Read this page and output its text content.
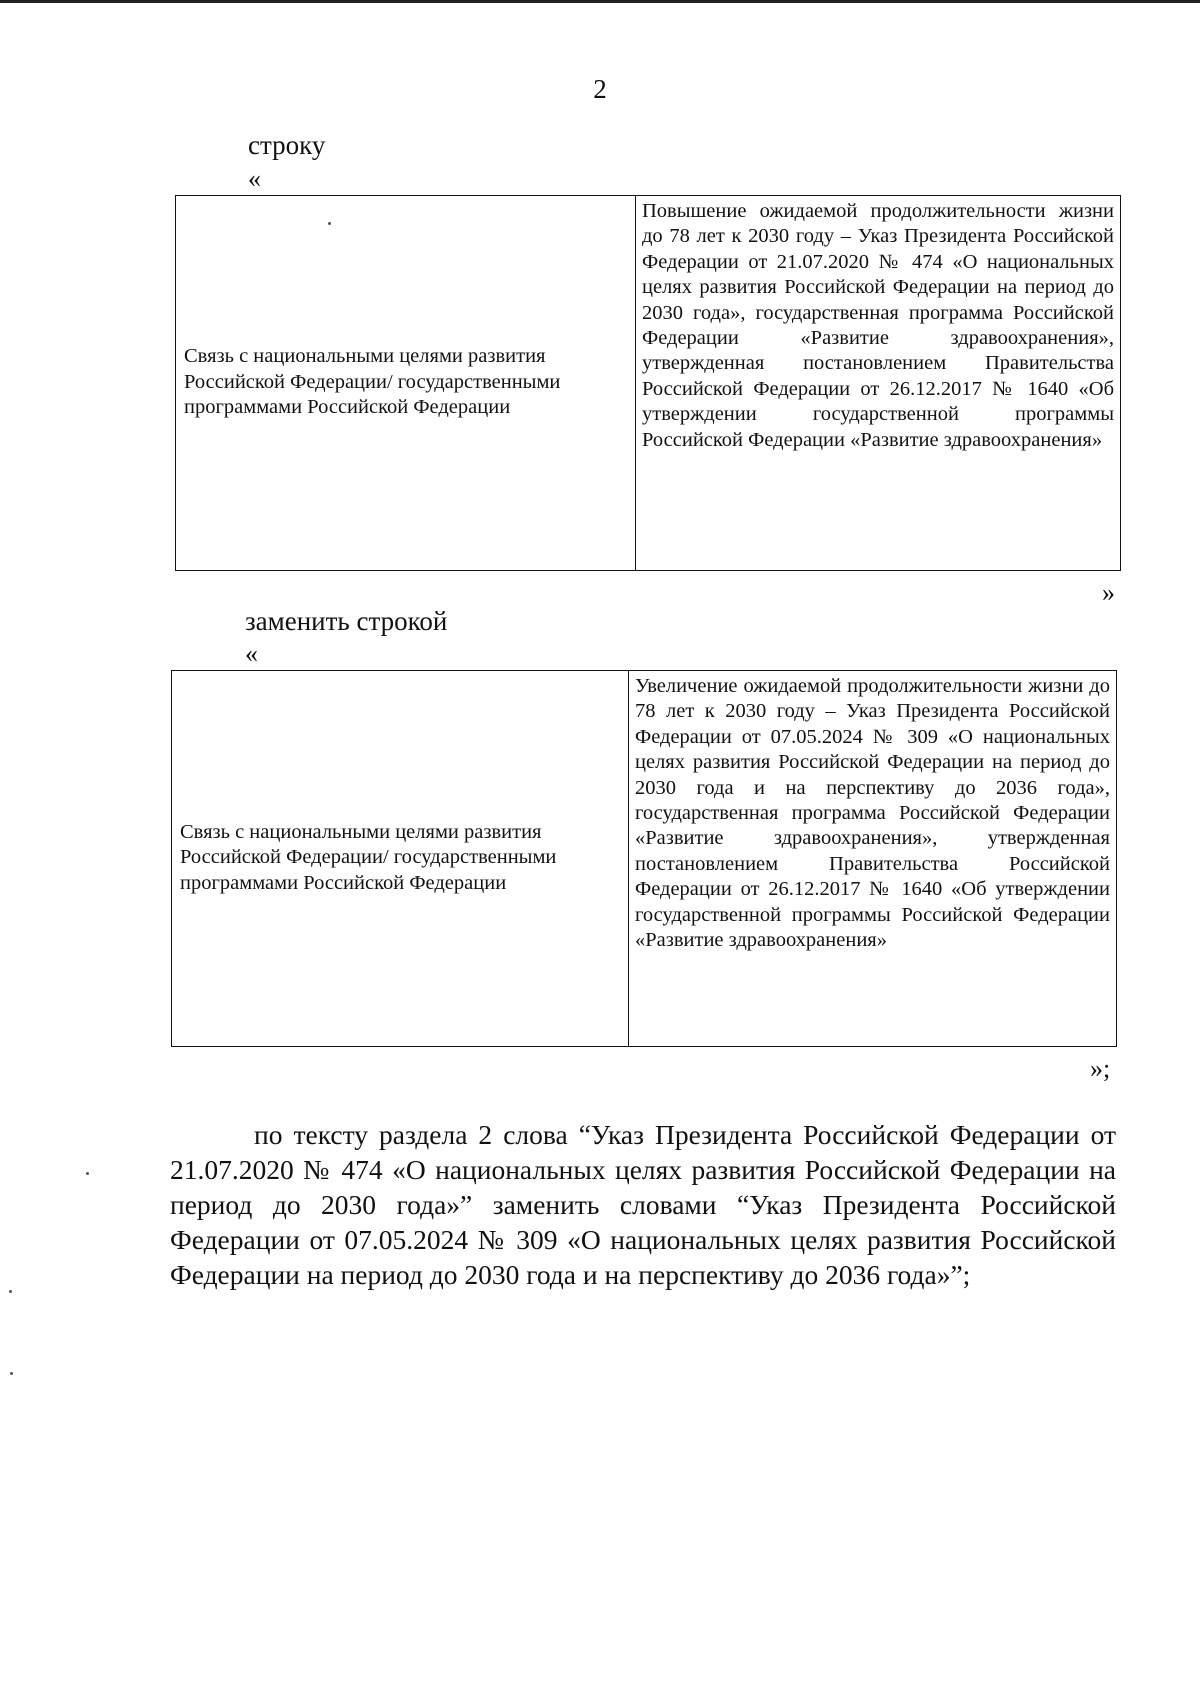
2
строку
«
Связь с национальными целями развития Российской Федерации/ государственными программами Российской Федерации	Повышение ожидаемой продолжительности жизни до 78 лет к 2030 году – Указ Президента Российской Федерации от 21.07.2020 № 474 «О национальных целях развития Российской Федерации на период до 2030 года», государственная программа Российской Федерации «Развитие здравоохранения», утвержденная постановлением Правительства Российской Федерации от 26.12.2017 № 1640 «Об утверждении государственной программы Российской Федерации «Развитие здравоохранения»
»
заменить строкой
«
Связь с национальными целями развития Российской Федерации/ государственными программами Российской Федерации	Увеличение ожидаемой продолжительности жизни до 78 лет к 2030 году – Указ Президента Российской Федерации от 07.05.2024 № 309 «О национальных целях развития Российской Федерации на период до 2030 года и на перспективу до 2036 года», государственная программа Российской Федерации «Развитие здравоохранения», утвержденная постановлением Правительства Российской Федерации от 26.12.2017 № 1640 «Об утверждении государственной программы Российской Федерации «Развитие здравоохранения»
»;

по тексту раздела 2 слова “Указ Президента Российской Федерации от 21.07.2020 № 474 «О национальных целях развития Российской Федерации на период до 2030 года»” заменить словами “Указ Президента Российской Федерации от 07.05.2024 № 309 «О национальных целях развития Российской Федерации на период до 2030 года и на перспективу до 2036 года»”;
